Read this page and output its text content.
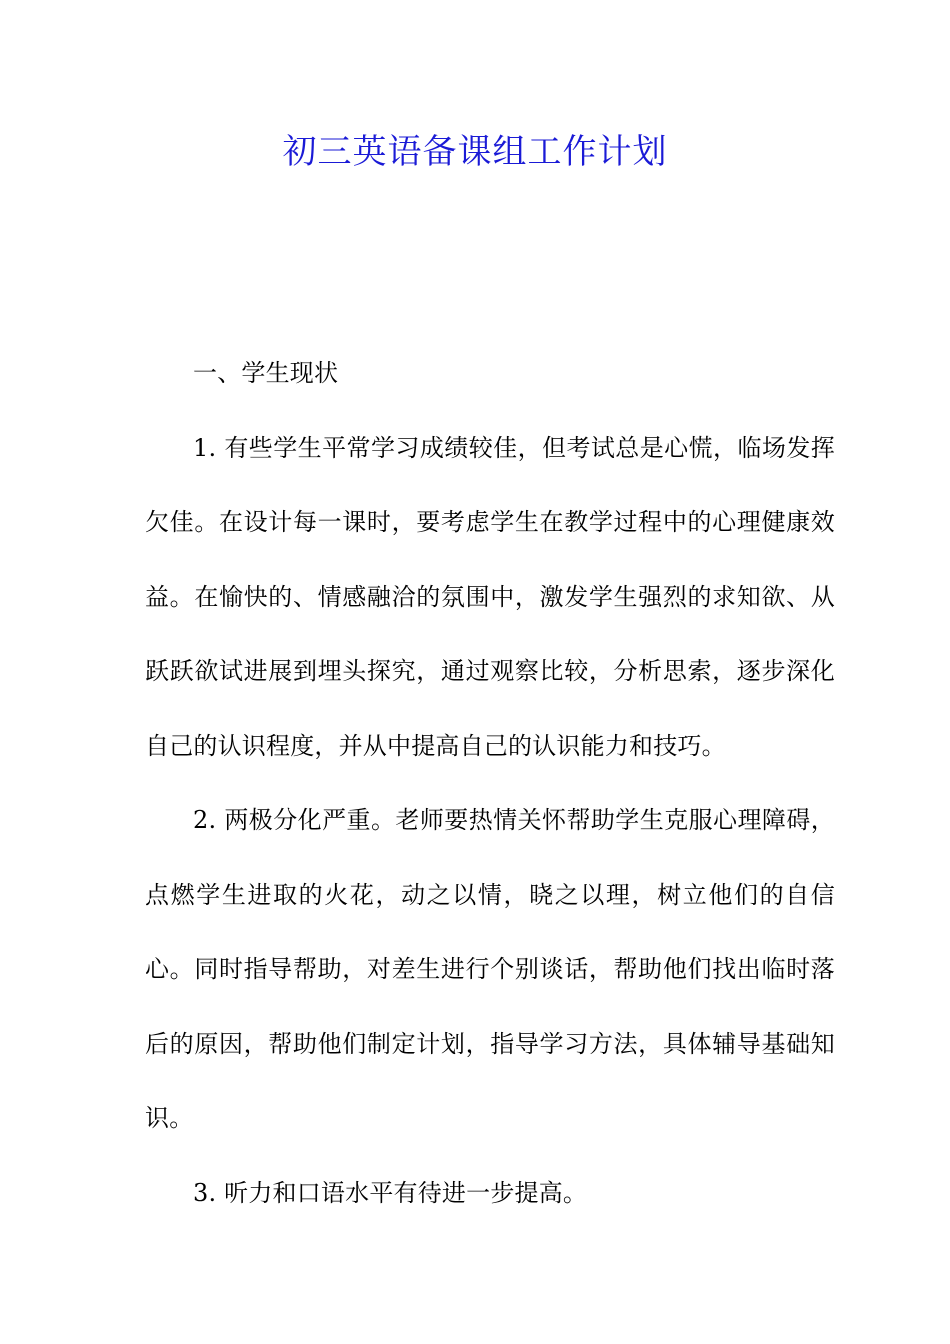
初三英语备课组工作计划

一、学生现状

1. 有些学生平常学习成绩较佳，但考试总是心慌，临场发挥欠佳。在设计每一课时，要考虑学生在教学过程中的心理健康效益。在愉快的、情感融洽的氛围中，激发学生强烈的求知欲、从跃跃欲试进展到埋头探究，通过观察比较，分析思索，逐步深化自己的认识程度，并从中提高自己的认识能力和技巧。

2. 两极分化严重。老师要热情关怀帮助学生克服心理障碍，点燃学生进取的火花，动之以情，晓之以理，树立他们的自信心。同时指导帮助，对差生进行个别谈话，帮助他们找出临时落后的原因，帮助他们制定计划，指导学习方法，具体辅导基础知识。

3. 听力和口语水平有待进一步提高。
